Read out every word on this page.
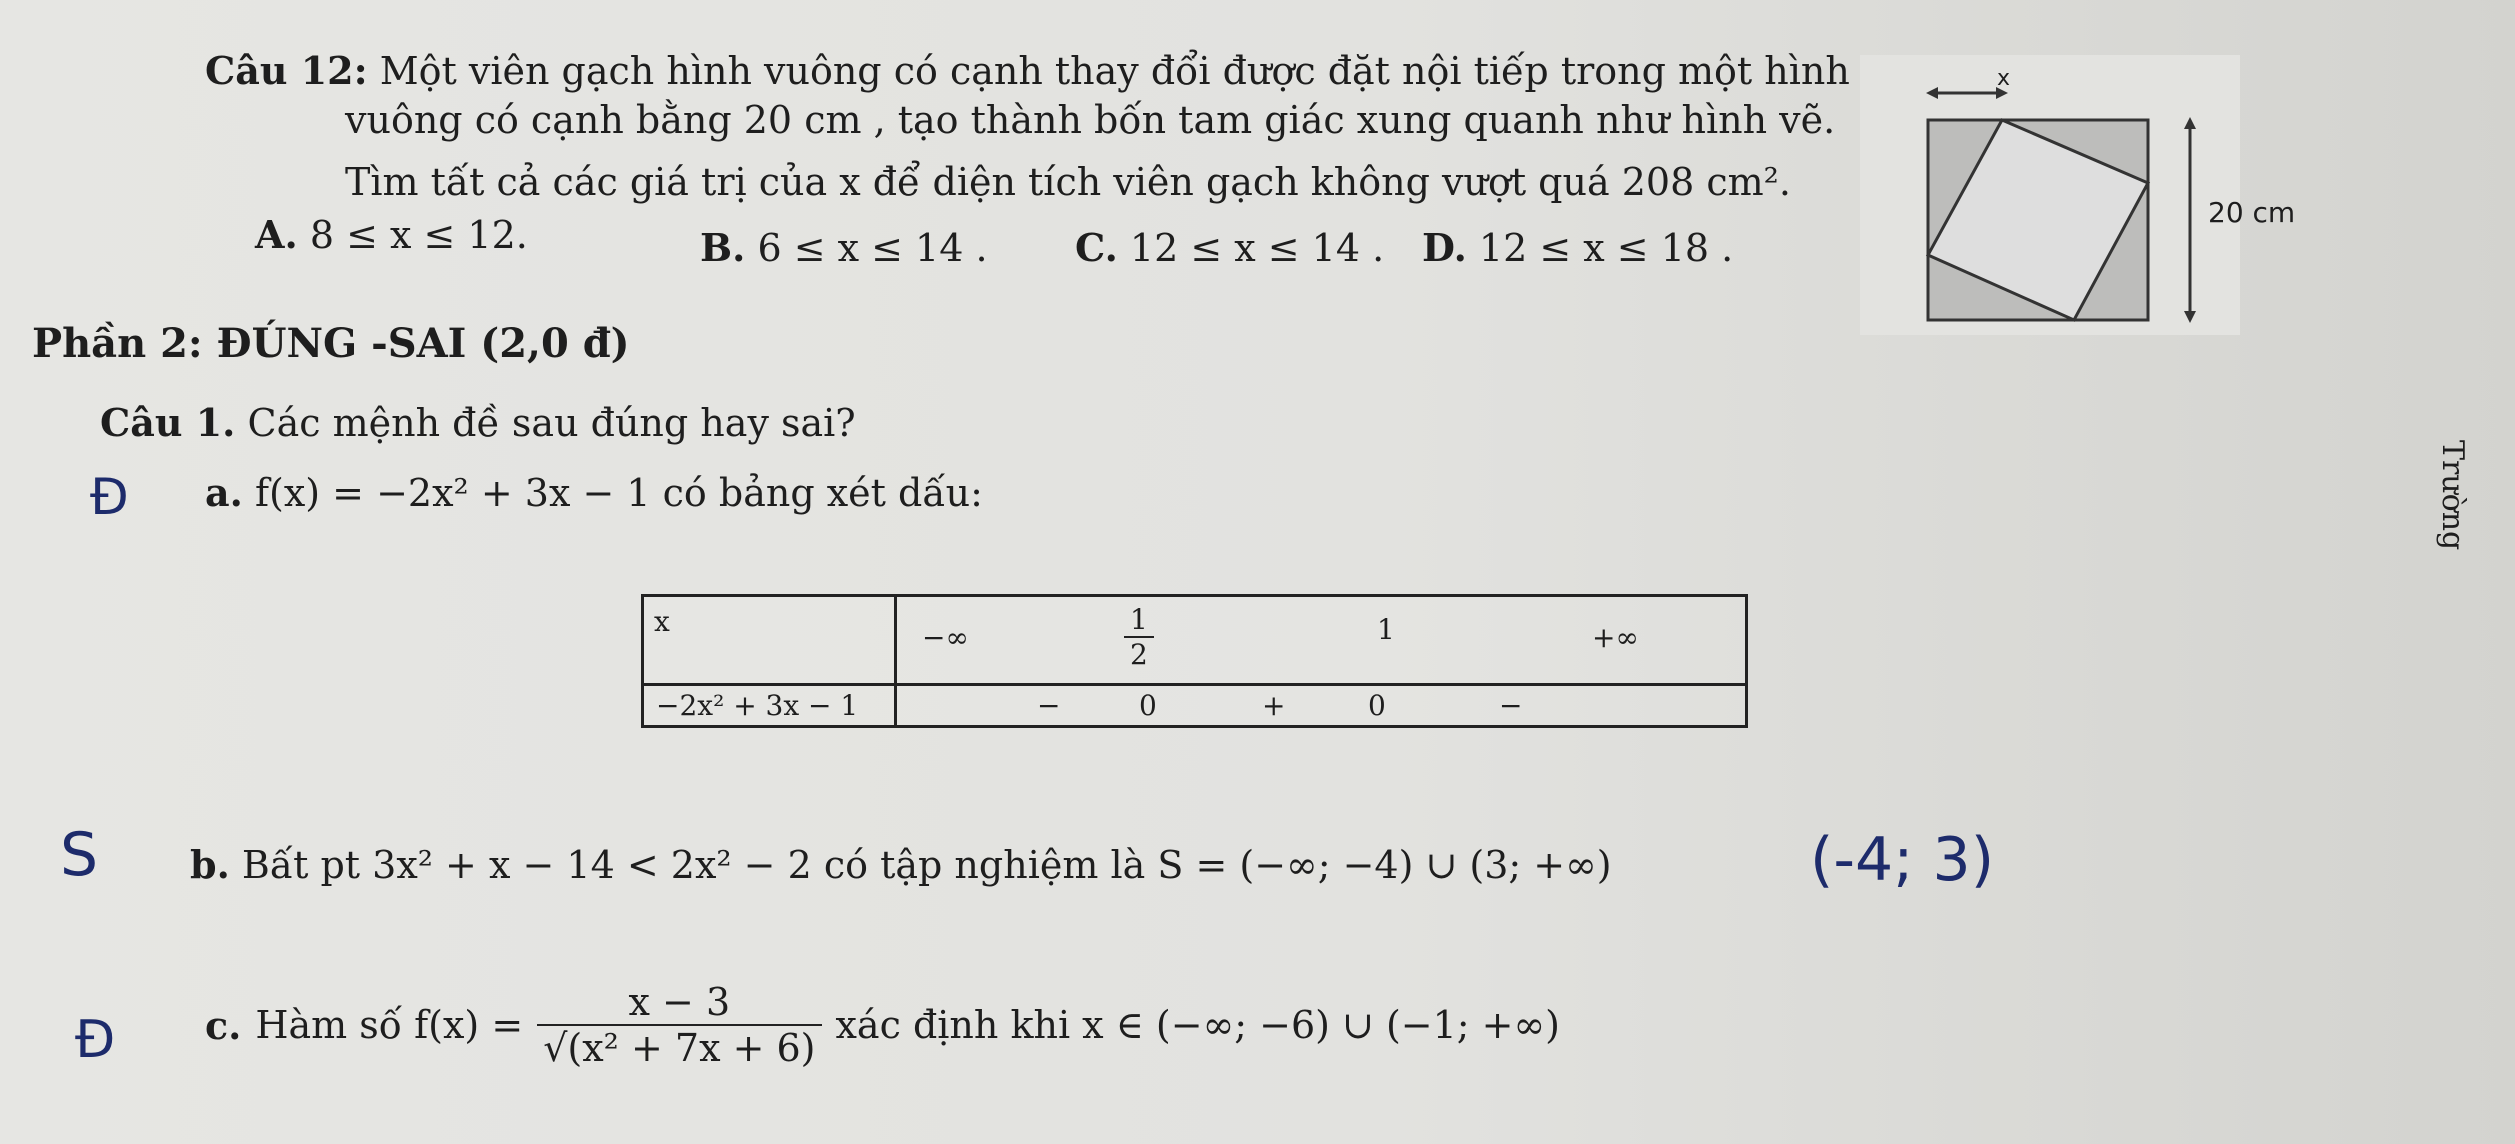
Câu 12: Một viên gạch hình vuông có cạnh thay đổi được đặt nội tiếp trong một hình
vuông có cạnh bằng 20 cm , tạo thành bốn tam giác xung quanh như hình vẽ.
Tìm tất cả các giá trị của x để diện tích viên gạch không vượt quá 208 cm².
A. 8 ≤ x ≤ 12.	B. 6 ≤ x ≤ 14 . C. 12 ≤ x ≤ 14 . D. 12 ≤ x ≤ 18 .
x
20 cm
Phần 2: ĐÚNG -SAI (2,0 đ)
Câu 1. Các mệnh đề sau đúng hay sai?
Đ a. f(x) = −2x² + 3x − 1 có bảng xét dấu:
x	−∞	$\frac{1}{2}$	1	+∞
−2x² + 3x − 1	−	0	+	0	−
S b. Bất pt 3x² + x − 14 < 2x² − 2 có tập nghiệm là S = (−∞; −4) ∪ (3; +∞)	(-4; 3)
Đ c. Hàm số $f(x) = \frac{x - 3}{\text{√(x² + 7x + 6)}}$ xác định khi x ∈ (−∞; −6) ∪ (−1; +∞)
Trường
